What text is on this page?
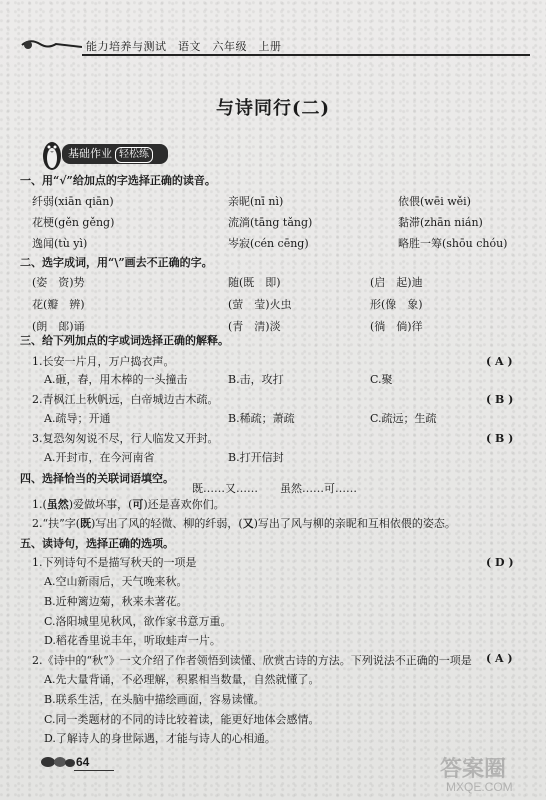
能力培养与测试　语文　六年级　上册
与诗同行(二)
基础作业 轻松练
一、用“√”给加点的字选择正确的读音。
纤弱(xiān qiān)	亲昵(nī nì)	依偎(wēi wěi)
花梗(gěn gěng)	流淌(tāng tǎng)	黏滞(zhān nián)
逸闻(tù yì)	岑寂(cén cēng)	略胜一筹(shōu chóu)
二、选字成词，用“\”画去不正确的字。
(姿　资)势	随(既　即)	(启　起)迪
花(瓣　辨)	(萤　莹)火虫	形(像　象)
(朗　郎)诵	(青　清)淡	(徜　倘)徉
三、给下列加点的字或词选择正确的解释。
1.长安一片月，万户捣衣声。	( A )
A.砸，舂，用木棒的一头撞击	B.击，攻打	C.聚
2.青枫江上秋帆远，白帝城边古木疏。	( B )
A.疏导；开通	B.稀疏；萧疏	C.疏远；生疏
3.复恐匆匆说不尽，行人临发又开封。	( B )
A.开封市，在今河南省	B.打开信封
四、选择恰当的关联词语填空。
既……又……　　虽然……可……
1.(虽然)爱做坏事，(可)还是喜欢你们。
2.“扶”字(既)写出了风的轻微、柳的纤弱，(又)写出了风与柳的亲昵和互相依偎的姿态。
五、读诗句，选择正确的选项。
1.下列诗句不是描写秋天的一项是	( D )
A.空山新雨后，天气晚来秋。
B.近种篱边菊，秋来未著花。
C.洛阳城里见秋风，欲作家书意万重。
D.稻花香里说丰年，听取蛙声一片。
2.《诗中的“秋”》一文介绍了作者领悟到读懂、欣赏古诗的方法。下列说法不正确的一项是 ( A )
A.先大量背诵，不必理解，积累相当数量，自然就懂了。
B.联系生活，在头脑中描绘画面，容易读懂。
C.同一类题材的不同的诗比较着读，能更好地体会感情。
D.了解诗人的身世际遇，才能与诗人的心相通。
64	答案圈
MXQE.COM
